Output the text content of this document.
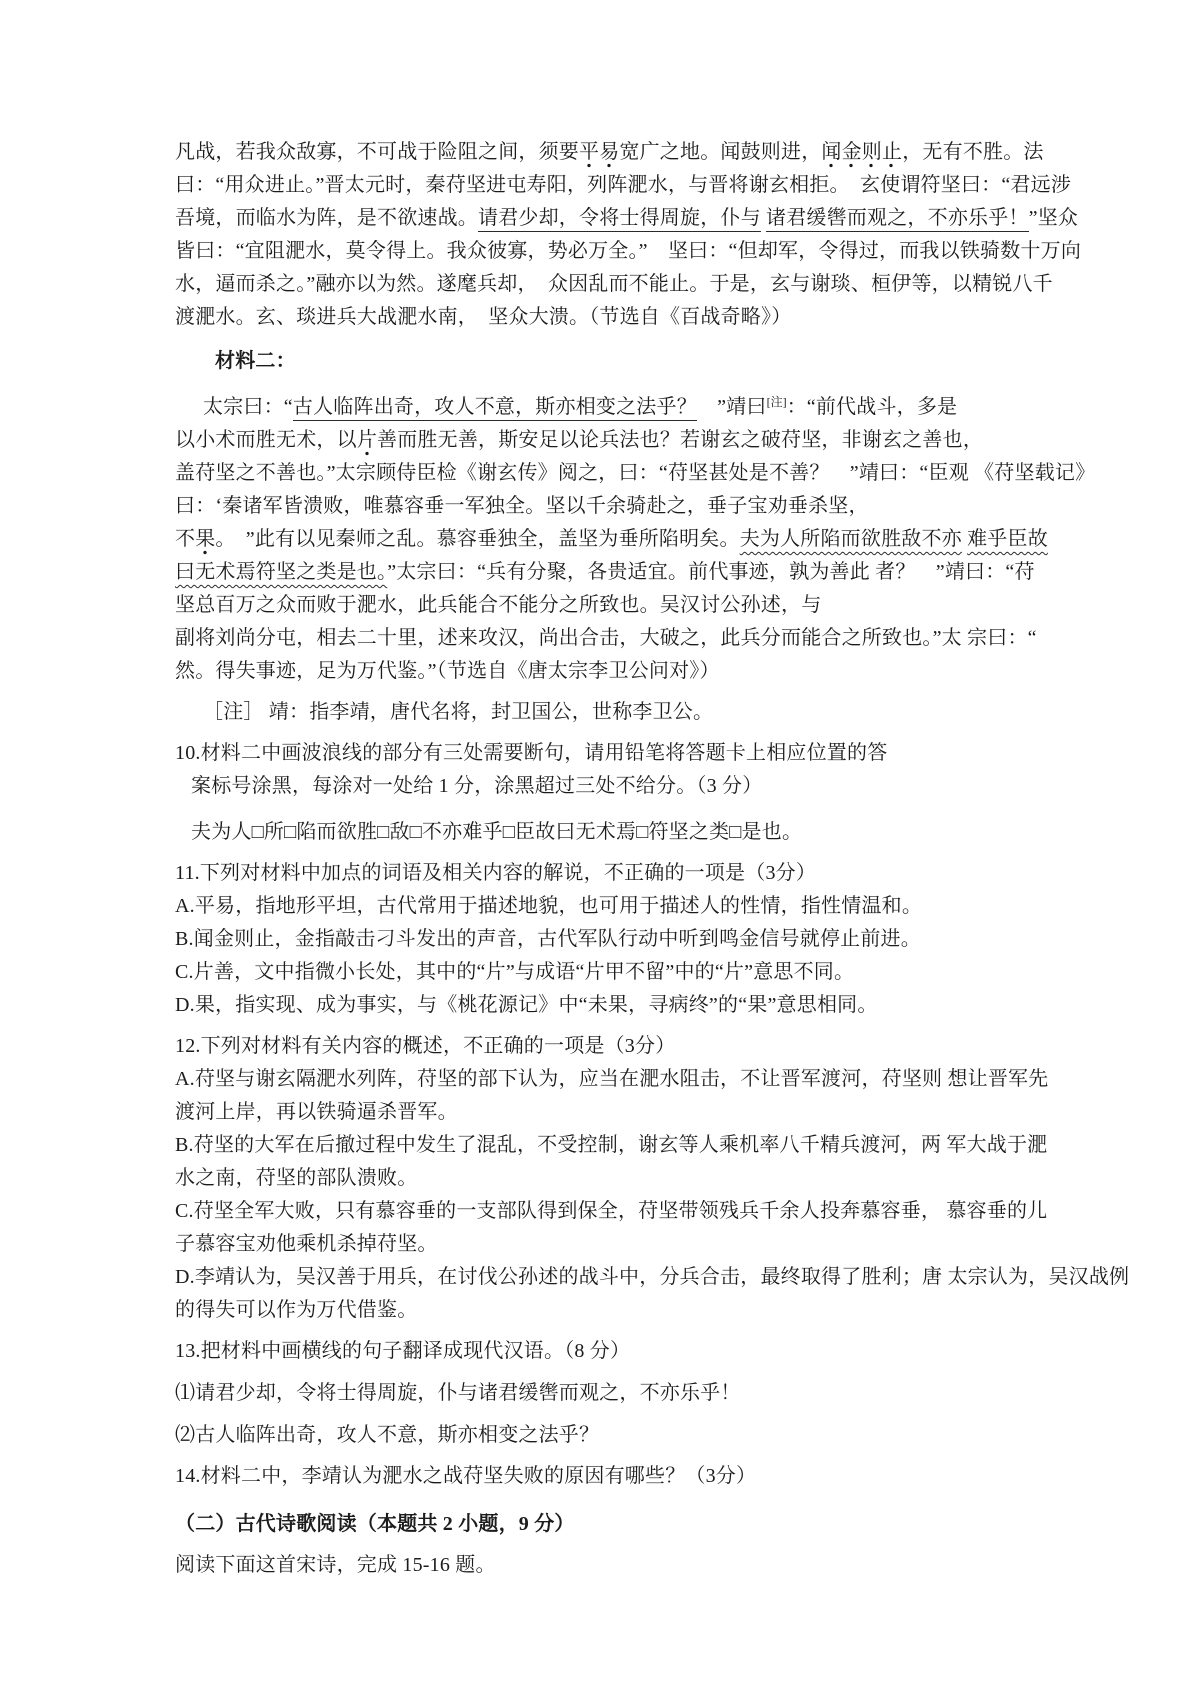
凡战，若我众敌寡，不可战于险阻之间，须要平易宽广之地。闻鼓则进，闻金则止，无有不胜。法
曰：“用众进止。”晋太元时，秦苻坚进屯寿阳，列阵淝水，与晋将谢玄相拒。　玄使谓符坚曰：“君远涉
吾境，而临水为阵，是不欲速战。请君少却，令将士得周旋，仆与 诸君缓辔而观之，不亦乐乎！”坚众
皆曰：“宜阻淝水，莫令得上。我众彼寡，势必万全。”　坚曰：“但却军，令得过，而我以铁骑数十万向
水，逼而杀之。”融亦以为然。遂麾兵却，　众因乱而不能止。于是，玄与谢琰、桓伊等，以精锐八千
渡淝水。玄、琰进兵大战淝水南，　坚众大溃。（节选自《百战奇略》）
材料二：
太宗曰：“古人临阵出奇，攻人不意，斯亦相变之法乎？　”靖曰[注]：“前代战斗，多是
以小术而胜无术，以片善而胜无善，斯安足以论兵法也？若谢玄之破苻坚，非谢玄之善也，
盖苻坚之不善也。”太宗顾侍臣检《谢玄传》阅之，曰：“苻坚甚处是不善？　”靖曰：“臣观 《苻坚载记》
曰：‘秦诸军皆溃败，唯慕容垂一军独全。坚以千余骑赴之，垂子宝劝垂杀坚，
不果。　”此有以见秦师之乱。慕容垂独全，盖坚为垂所陷明矣。夫为人所陷而欲胜敌不亦 难乎臣故
曰无术焉符坚之类是也。”太宗曰：“兵有分聚，各贵适宜。前代事迹，孰为善此 者？　”靖曰：“苻
坚总百万之众而败于淝水，此兵能合不能分之所致也。吴汉讨公孙述，与
副将刘尚分屯，相去二十里，述来攻汉，尚出合击，大破之，此兵分而能合之所致也。”太 宗曰：“
然。得失事迹，足为万代鉴。”（节选自《唐太宗李卫公问对》）
［注］ 靖：指李靖，唐代名将，封卫国公，世称李卫公。
10.材料二中画波浪线的部分有三处需要断句，请用铅笔将答题卡上相应位置的答
案标号涂黑，每涂对一处给 1 分，涂黑超过三处不给分。（3 分）
夫为人□所□陷而欲胜□敌□不亦难乎□臣故曰无术焉□符坚之类□是也。
11.下列对材料中加点的词语及相关内容的解说，不正确的一项是（3分）
A.平易，指地形平坦，古代常用于描述地貌，也可用于描述人的性情，指性情温和。
B.闻金则止，金指敲击刁斗发出的声音，古代军队行动中听到鸣金信号就停止前进。
C.片善，文中指微小长处，其中的“片”与成语“片甲不留”中的“片”意思不同。
D.果，指实现、成为事实，与《桃花源记》中“未果，寻病终”的“果”意思相同。
12.下列对材料有关内容的概述，不正确的一项是（3分）
A.苻坚与谢玄隔淝水列阵，苻坚的部下认为，应当在淝水阻击，不让晋军渡河，苻坚则 想让晋军先
渡河上岸，再以铁骑逼杀晋军。
B.苻坚的大军在后撤过程中发生了混乱，不受控制，谢玄等人乘机率八千精兵渡河，两 军大战于淝
水之南，苻坚的部队溃败。
C.苻坚全军大败，只有慕容垂的一支部队得到保全，苻坚带领残兵千余人投奔慕容垂， 慕容垂的儿
子慕容宝劝他乘机杀掉苻坚。
D.李靖认为，吴汉善于用兵，在讨伐公孙述的战斗中，分兵合击，最终取得了胜利；唐 太宗认为，吴汉战例
的得失可以作为万代借鉴。
13.把材料中画横线的句子翻译成现代汉语。（8 分）
⑴请君少却，令将士得周旋，仆与诸君缓辔而观之，不亦乐乎！
⑵古人临阵出奇，攻人不意，斯亦相变之法乎？
14.材料二中，李靖认为淝水之战苻坚失败的原因有哪些？（3分）
（二）古代诗歌阅读（本题共 2 小题，9 分）
阅读下面这首宋诗，完成 15-16 题。
